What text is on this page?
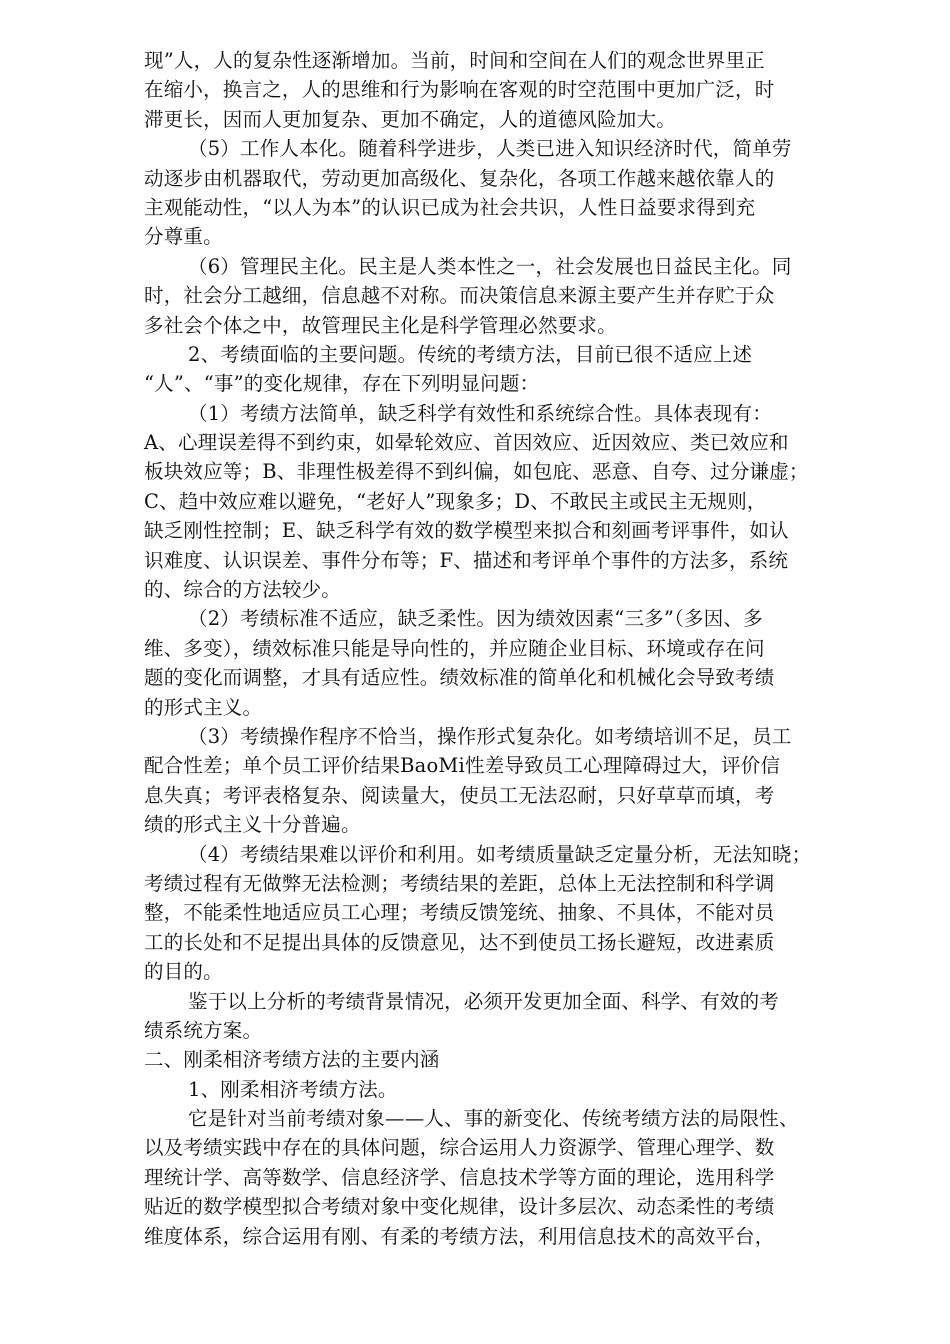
现”人，人的复杂性逐渐增加。当前，时间和空间在人们的观念世界里正
在缩小，换言之，人的思维和行为影响在客观的时空范围中更加广泛，时
滞更长，因而人更加复杂、更加不确定，人的道德风险加大。
（5）工作人本化。随着科学进步，人类已进入知识经济时代，简单劳
动逐步由机器取代，劳动更加高级化、复杂化，各项工作越来越依靠人的
主观能动性，“以人为本”的认识已成为社会共识，人性日益要求得到充
分尊重。
（6）管理民主化。民主是人类本性之一，社会发展也日益民主化。同
时，社会分工越细，信息越不对称。而决策信息来源主要产生并存贮于众
多社会个体之中，故管理民主化是科学管理必然要求。
2、考绩面临的主要问题。传统的考绩方法，目前已很不适应上述
“人”、“事”的变化规律，存在下列明显问题：
（1）考绩方法简单，缺乏科学有效性和系统综合性。具体表现有：
A、心理误差得不到约束，如晕轮效应、首因效应、近因效应、类已效应和
板块效应等；B、非理性极差得不到纠偏，如包庇、恶意、自夸、过分谦虚；
C、趋中效应难以避免，“老好人”现象多；D、不敢民主或民主无规则，
缺乏刚性控制；E、缺乏科学有效的数学模型来拟合和刻画考评事件，如认
识难度、认识误差、事件分布等；F、描述和考评单个事件的方法多，系统
的、综合的方法较少。
（2）考绩标准不适应，缺乏柔性。因为绩效因素“三多”（多因、多
维、多变），绩效标准只能是导向性的，并应随企业目标、环境或存在问
题的变化而调整，才具有适应性。绩效标准的简单化和机械化会导致考绩
的形式主义。
（3）考绩操作程序不恰当，操作形式复杂化。如考绩培训不足，员工
配合性差；单个员工评价结果BaoMi性差导致员工心理障碍过大，评价信
息失真；考评表格复杂、阅读量大，使员工无法忍耐，只好草草而填，考
绩的形式主义十分普遍。
（4）考绩结果难以评价和利用。如考绩质量缺乏定量分析，无法知晓；
考绩过程有无做弊无法检测；考绩结果的差距，总体上无法控制和科学调
整，不能柔性地适应员工心理；考绩反馈笼统、抽象、不具体，不能对员
工的长处和不足提出具体的反馈意见，达不到使员工扬长避短，改进素质
的目的。
鉴于以上分析的考绩背景情况，必须开发更加全面、科学、有效的考
绩系统方案。
二、刚柔相济考绩方法的主要内涵
1、刚柔相济考绩方法。
它是针对当前考绩对象——人、事的新变化、传统考绩方法的局限性、
以及考绩实践中存在的具体问题，综合运用人力资源学、管理心理学、数
理统计学、高等数学、信息经济学、信息技术学等方面的理论，选用科学
贴近的数学模型拟合考绩对象中变化规律，设计多层次、动态柔性的考绩
维度体系，综合运用有刚、有柔的考绩方法，利用信息技术的高效平台，
